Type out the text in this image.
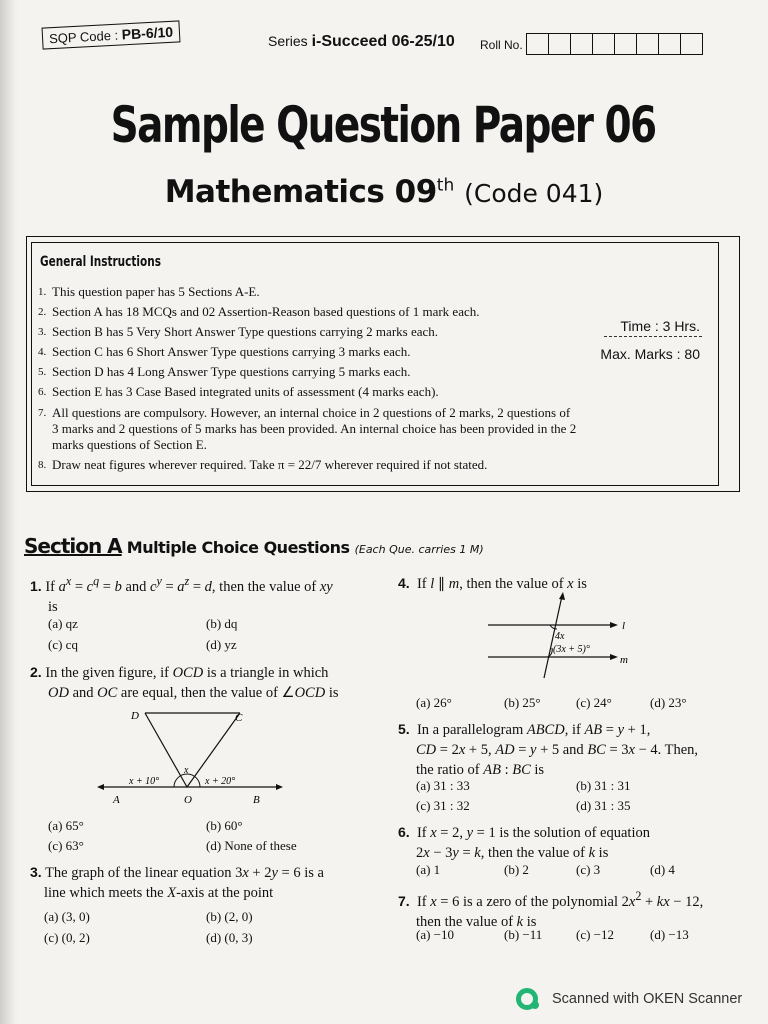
SQP Code : PB-6/10	Series i-Succeed 06-25/10 Roll No.
Sample Question Paper 06
Mathematics 09th (Code 041)
General Instructions
1. This question paper has 5 Sections A-E.
2. Section A has 18 MCQs and 02 Assertion-Reason based questions of 1 mark each.
3. Section B has 5 Very Short Answer Type questions carrying 2 marks each.
4. Section C has 6 Short Answer Type questions carrying 3 marks each.
5. Section D has 4 Long Answer Type questions carrying 5 marks each.
6. Section E has 3 Case Based integrated units of assessment (4 marks each).
7. All questions are compulsory. However, an internal choice in 2 questions of 2 marks, 2 questions of 3 marks and 2 questions of 5 marks has been provided. An internal choice has been provided in the 2 marks questions of Section E.
8. Draw neat figures wherever required. Take π = 22/7 wherever required if not stated.
Time : 3 Hrs.
Max. Marks : 80
Section A Multiple Choice Questions (Each Que. carries 1 M)
1. If $a^x = c^q = b$ and $c^y = a^z = d$, then the value of xy
is
(a) qz	(b) dq
(c) cq	(d) yz
2. In the given figure, if OCD is a triangle in which
OD and OC are equal, then the value of ∠OCD is
D	C
A	O	B
x
x + 10°	x + 20°
(a) 65°	(b) 60°
(c) 63°	(d) None of these
3. The graph of the linear equation 3x + 2y = 6 is a
line which meets the X-axis at the point
(a) (3, 0)	(b) (2, 0)
(c) (0, 2)	(d) (0, 3)
4.  If l ∥ m, then the value of x is
l
m
4x
(3x + 5)°
(a) 26°	(b) 25°	(c) 24°	(d) 23°
5.  In a parallelogram ABCD, if AB = y + 1,
CD = 2x + 5, AD = y + 5 and BC = 3x − 4. Then,
the ratio of AB : BC is
(a) 31 : 33	(b) 31 : 31
(c) 31 : 32	(d) 31 : 35
6.  If x = 2, y = 1 is the solution of equation
2x − 3y = k, then the value of k is
(a) 1	(b) 2	(c) 3	(d) 4
7.  If x = 6 is a zero of the polynomial $2x^2$ + kx − 12,
then the value of k is
(a) −10	(b) −11	(c) −12	(d) −13
Scanned with OKEN Scanner
